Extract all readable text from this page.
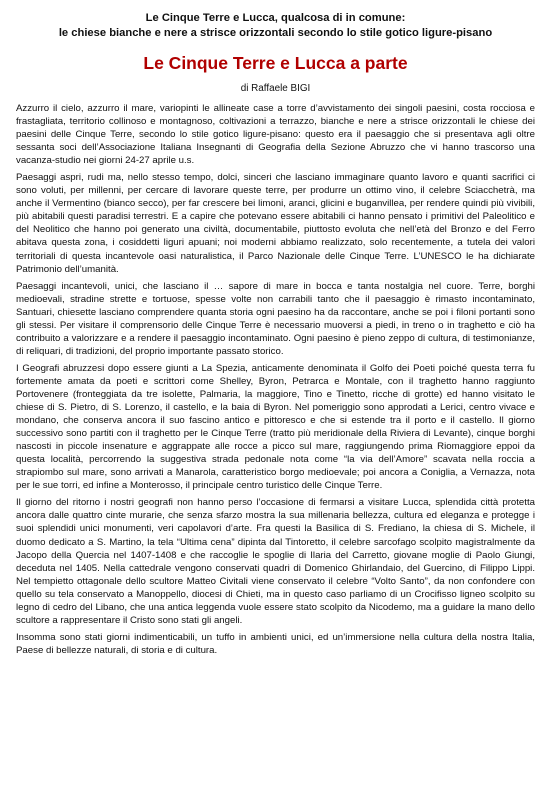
Le Cinque Terre e Lucca, qualcosa di in comune:

le chiese bianche e nere a strisce orizzontali secondo lo stile gotico ligure-pisano

Le Cinque Terre e Lucca a parte

di Raffaele BIGI

Azzurro il cielo, azzurro il mare, variopinti le allineate case a torre d’avvistamento dei singoli paesini, costa rocciosa e frastagliata, territorio collinoso e montagnoso, coltivazioni a terrazzo, bianche e nere a strisce orizzontali le chiese dei paesini delle Cinque Terre, secondo lo stile gotico ligure-pisano: questo era il paesaggio che si presentava agli oltre sessanta soci dell’Associazione Italiana Insegnanti di Geografia della Sezione Abruzzo che vi hanno trascorso una vacanza-studio nei giorni 24-27 aprile u.s.

Paesaggi aspri, rudi ma, nello stesso tempo, dolci, sinceri che lasciano immaginare quanto lavoro e quanti sacrifici ci sono voluti, per millenni, per cercare di lavorare queste terre, per produrre un ottimo vino, il celebre Sciacchetrà, ma anche il Vermentino (bianco secco), per far crescere bei limoni, aranci, glicini e buganvillea, per rendere quindi più vivibili, più abitabili questi paradisi terrestri. E a capire che potevano essere abitabili ci hanno pensato i primitivi del Paleolitico e del Neolitico che hanno poi generato una civiltà, documentabile, piuttosto evoluta che nell’età del Bronzo e del Ferro abitava questa zona, i cosiddetti liguri apuani; noi moderni abbiamo realizzato, solo recentemente, a tutela dei valori territoriali di questa incantevole oasi naturalistica, il Parco Nazionale delle Cinque Terre. L’UNESCO le ha dichiarate Patrimonio dell’umanità.

Paesaggi incantevoli, unici, che lasciano il … sapore di mare in bocca e tanta nostalgia nel cuore. Terre, borghi medioevali, stradine strette e tortuose, spesse volte non carrabili tanto che il paesaggio è rimasto incontaminato, Santuari, chiesette lasciano comprendere quanta storia ogni paesino ha da raccontare, anche se poi i filoni portanti sono gli stessi. Per visitare il comprensorio delle Cinque Terre è necessario muoversi a piedi, in treno o in traghetto e ciò ha contribuito a valorizzare e a rendere il paesaggio incontaminato. Ogni paesino è pieno zeppo di cultura, di testimonianze, di reliquari, di tradizioni, del proprio importante passato storico.

I Geografi abruzzesi dopo essere giunti a La Spezia, anticamente denominata il Golfo dei Poeti poiché questa terra fu fortemente amata da poeti e scrittori come Shelley, Byron, Petrarca e Montale, con il traghetto hanno raggiunto Portovenere (fronteggiata da tre isolette, Palmaria, la maggiore, Tino e Tinetto, ricche di grotte) ed hanno visitato le chiese di S. Pietro, di S. Lorenzo, il castello, e la baia di Byron. Nel pomeriggio sono approdati a Lerici, centro vivace e mondano, che conserva ancora il suo fascino antico e pittoresco e che si estende tra il porto e il castello. Il giorno successivo sono partiti con il traghetto per le Cinque Terre (tratto più meridionale della Riviera di Levante), cinque borghi nascosti in piccole insenature e aggrappate alle rocce a picco sul mare, raggiungendo prima Riomaggiore eppoi da questa località, percorrendo la suggestiva strada pedonale nota come “la via dell’Amore” scavata nella roccia a strapiombo sul mare, sono arrivati a Manarola, caratteristico borgo medioevale; poi ancora a Coniglia, a Vernazza, nota per le sue torri, ed infine a Monterosso, il principale centro turistico delle Cinque Terre.

Il giorno del ritorno i nostri geografi non hanno perso l’occasione di fermarsi a visitare Lucca, splendida città protetta ancora dalle quattro cinte murarie, che senza sfarzo mostra la sua millenaria bellezza, cultura ed eleganza e protegge i suoi splendidi unici monumenti, veri capolavori d’arte. Fra questi la Basilica di S. Frediano, la chiesa di S. Michele, il duomo dedicato a S. Martino, la tela “Ultima cena” dipinta dal Tintoretto, il celebre sarcofago scolpito magistralmente da Jacopo della Quercia nel 1407-1408 e che raccoglie le spoglie di Ilaria del Carretto, giovane moglie di Paolo Giungi, deceduta nel 1405. Nella cattedrale vengono conservati quadri di Domenico Ghirlandaio, del Guercino, di Filippo Lippi. Nel tempietto ottagonale dello scultore Matteo Civitali viene conservato il celebre “Volto Santo”, da non confondere con quello su tela conservato a Manoppello, diocesi di Chieti, ma in questo caso parliamo di un Crocifisso ligneo scolpito su legno di cedro del Libano, che una antica leggenda vuole essere stato scolpito da Nicodemo, ma a guidare la mano dello scultore a rappresentare il Cristo sono stati gli angeli.

Insomma sono stati giorni indimenticabili, un tuffo in ambienti unici, ed un’immersione nella cultura della nostra Italia, Paese di bellezze naturali, di storia e di cultura.
